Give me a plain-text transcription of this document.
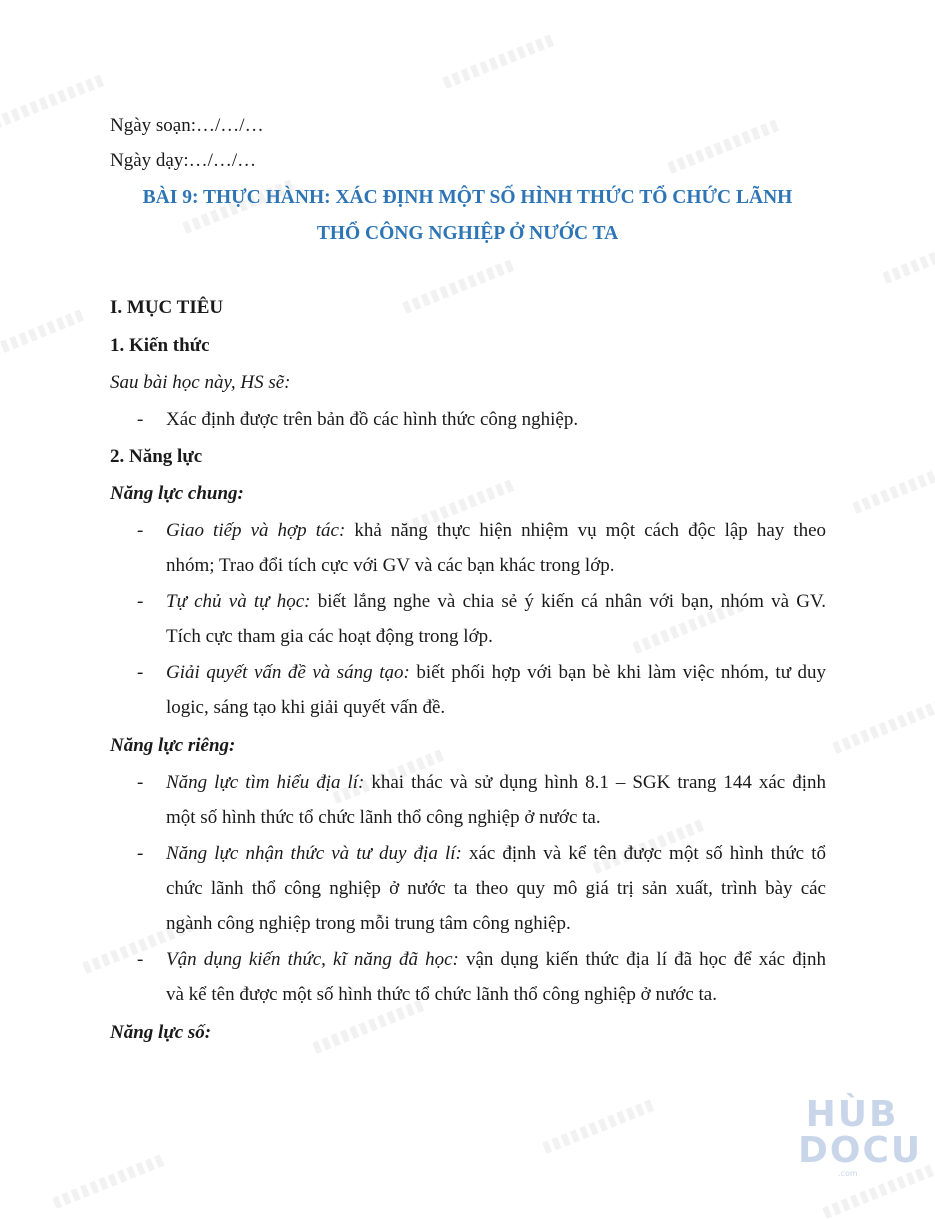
Ngày soạn:…/…/…
Ngày dạy:…/…/…
BÀI 9: THỰC HÀNH: XÁC ĐỊNH MỘT SỐ HÌNH THỨC TỔ CHỨC LÃNH
THỔ CÔNG NGHIỆP Ở NƯỚC TA
I. MỤC TIÊU
1. Kiến thức
Sau bài học này, HS sẽ:
- Xác định được trên bản đồ các hình thức công nghiệp.
2. Năng lực
Năng lực chung:
- Giao tiếp và hợp tác: khả năng thực hiện nhiệm vụ một cách độc lập hay theo
nhóm; Trao đổi tích cực với GV và các bạn khác trong lớp.
- Tự chủ và tự học: biết lắng nghe và chia sẻ ý kiến cá nhân với bạn, nhóm và GV.
Tích cực tham gia các hoạt động trong lớp.
- Giải quyết vấn đề và sáng tạo: biết phối hợp với bạn bè khi làm việc nhóm, tư duy
logic, sáng tạo khi giải quyết vấn đề.
Năng lực riêng:
- Năng lực tìm hiểu địa lí: khai thác và sử dụng hình 8.1 – SGK trang 144 xác định
một số hình thức tổ chức lãnh thổ công nghiệp ở nước ta.
- Năng lực nhận thức và tư duy địa lí: xác định và kể tên được một số hình thức tổ
chức lãnh thổ công nghiệp ở nước ta theo quy mô giá trị sản xuất, trình bày các
ngành công nghiệp trong mỗi trung tâm công nghiệp.
- Vận dụng kiến thức, kĩ năng đã học: vận dụng kiến thức địa lí đã học để xác định
và kể tên được một số hình thức tổ chức lãnh thổ công nghiệp ở nước ta.
Năng lực số:
HÙB
DOCU
.com
